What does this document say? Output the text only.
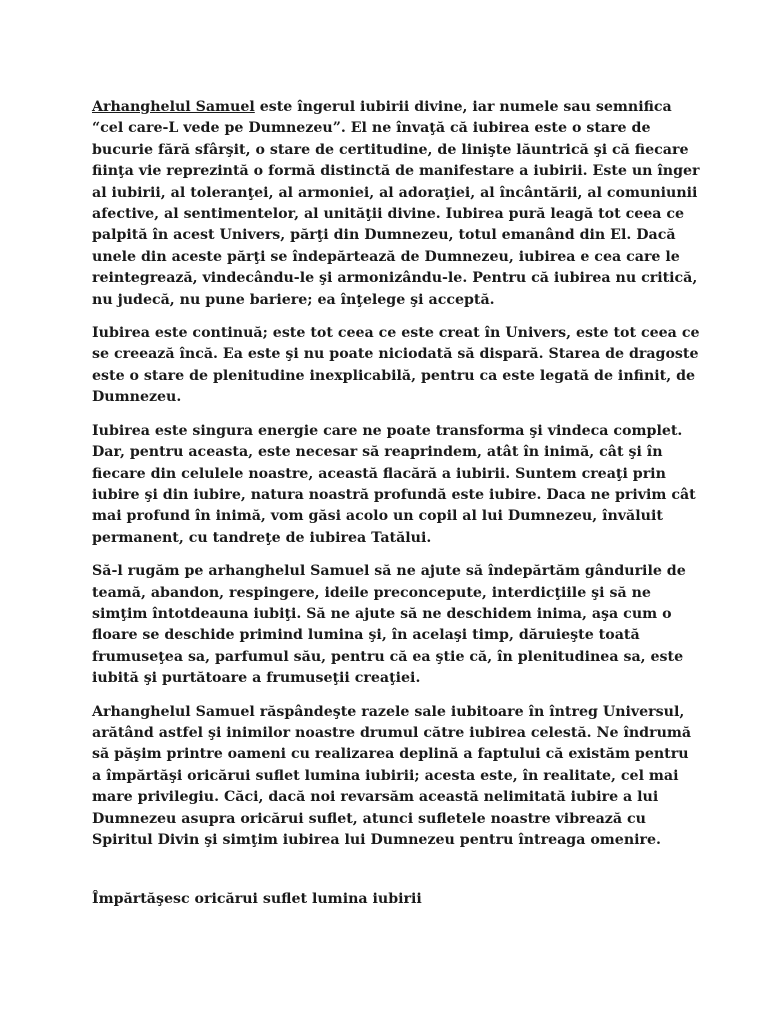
Arhanghelul Samuel este îngerul iubirii divine, iar numele sau semnifica
“cel care-L vede pe Dumnezeu”. El ne învaţă că iubirea este o stare de
bucurie fără sfârşit, o stare de certitudine, de linişte lăuntrică şi că fiecare
fiinţa vie reprezintă o formă distinctă de manifestare a iubirii. Este un înger
al iubirii, al toleranţei, al armoniei, al adoraţiei, al încântării, al comuniunii
afective, al sentimentelor, al unităţii divine. Iubirea pură leagă tot ceea ce
palpită în acest Univers, părţi din Dumnezeu, totul emanând din El. Dacă
unele din aceste părţi se îndepărtează de Dumnezeu, iubirea e cea care le
reintegrează, vindecându-le şi armonizându-le. Pentru că iubirea nu critică,
nu judecă, nu pune bariere; ea înţelege şi acceptă.
Iubirea este continuă; este tot ceea ce este creat în Univers, este tot ceea ce
se creează încă. Ea este şi nu poate niciodată să dispară. Starea de dragoste
este o stare de plenitudine inexplicabilă, pentru ca este legată de infinit, de
Dumnezeu.
Iubirea este singura energie care ne poate transforma şi vindeca complet.
Dar, pentru aceasta, este necesar să reaprindem, atât în inimă, cât şi în
fiecare din celulele noastre, această flacără a iubirii. Suntem creaţi prin
iubire şi din iubire, natura noastră profundă este iubire. Daca ne privim cât
mai profund în inimă, vom găsi acolo un copil al lui Dumnezeu, învăluit
permanent, cu tandreţe de iubirea Tatălui.
Să-l rugăm pe arhanghelul Samuel să ne ajute să îndepărtăm gândurile de
teamă, abandon, respingere, ideile preconcepute, interdicţiile şi să ne
simţim întotdeauna iubiţi. Să ne ajute să ne deschidem inima, aşa cum o
floare se deschide primind lumina şi, în acelaşi timp, dăruieşte toată
frumuseţea sa, parfumul său, pentru că ea ştie că, în plenitudinea sa, este
iubită şi purtătoare a frumuseţii creaţiei.
Arhanghelul Samuel răspândeşte razele sale iubitoare în întreg Universul,
arătând astfel şi inimilor noastre drumul către iubirea celestă. Ne îndrumă
să păşim printre oameni cu realizarea deplină a faptului că existăm pentru
a împărtăşi oricărui suflet lumina iubirii; acesta este, în realitate, cel mai
mare privilegiu. Căci, dacă noi revarsăm această nelimitată iubire a lui
Dumnezeu asupra oricărui suflet, atunci sufletele noastre vibrează cu
Spiritul Divin şi simţim iubirea lui Dumnezeu pentru întreaga omenire.
Împărtăşesc oricărui suflet lumina iubirii
